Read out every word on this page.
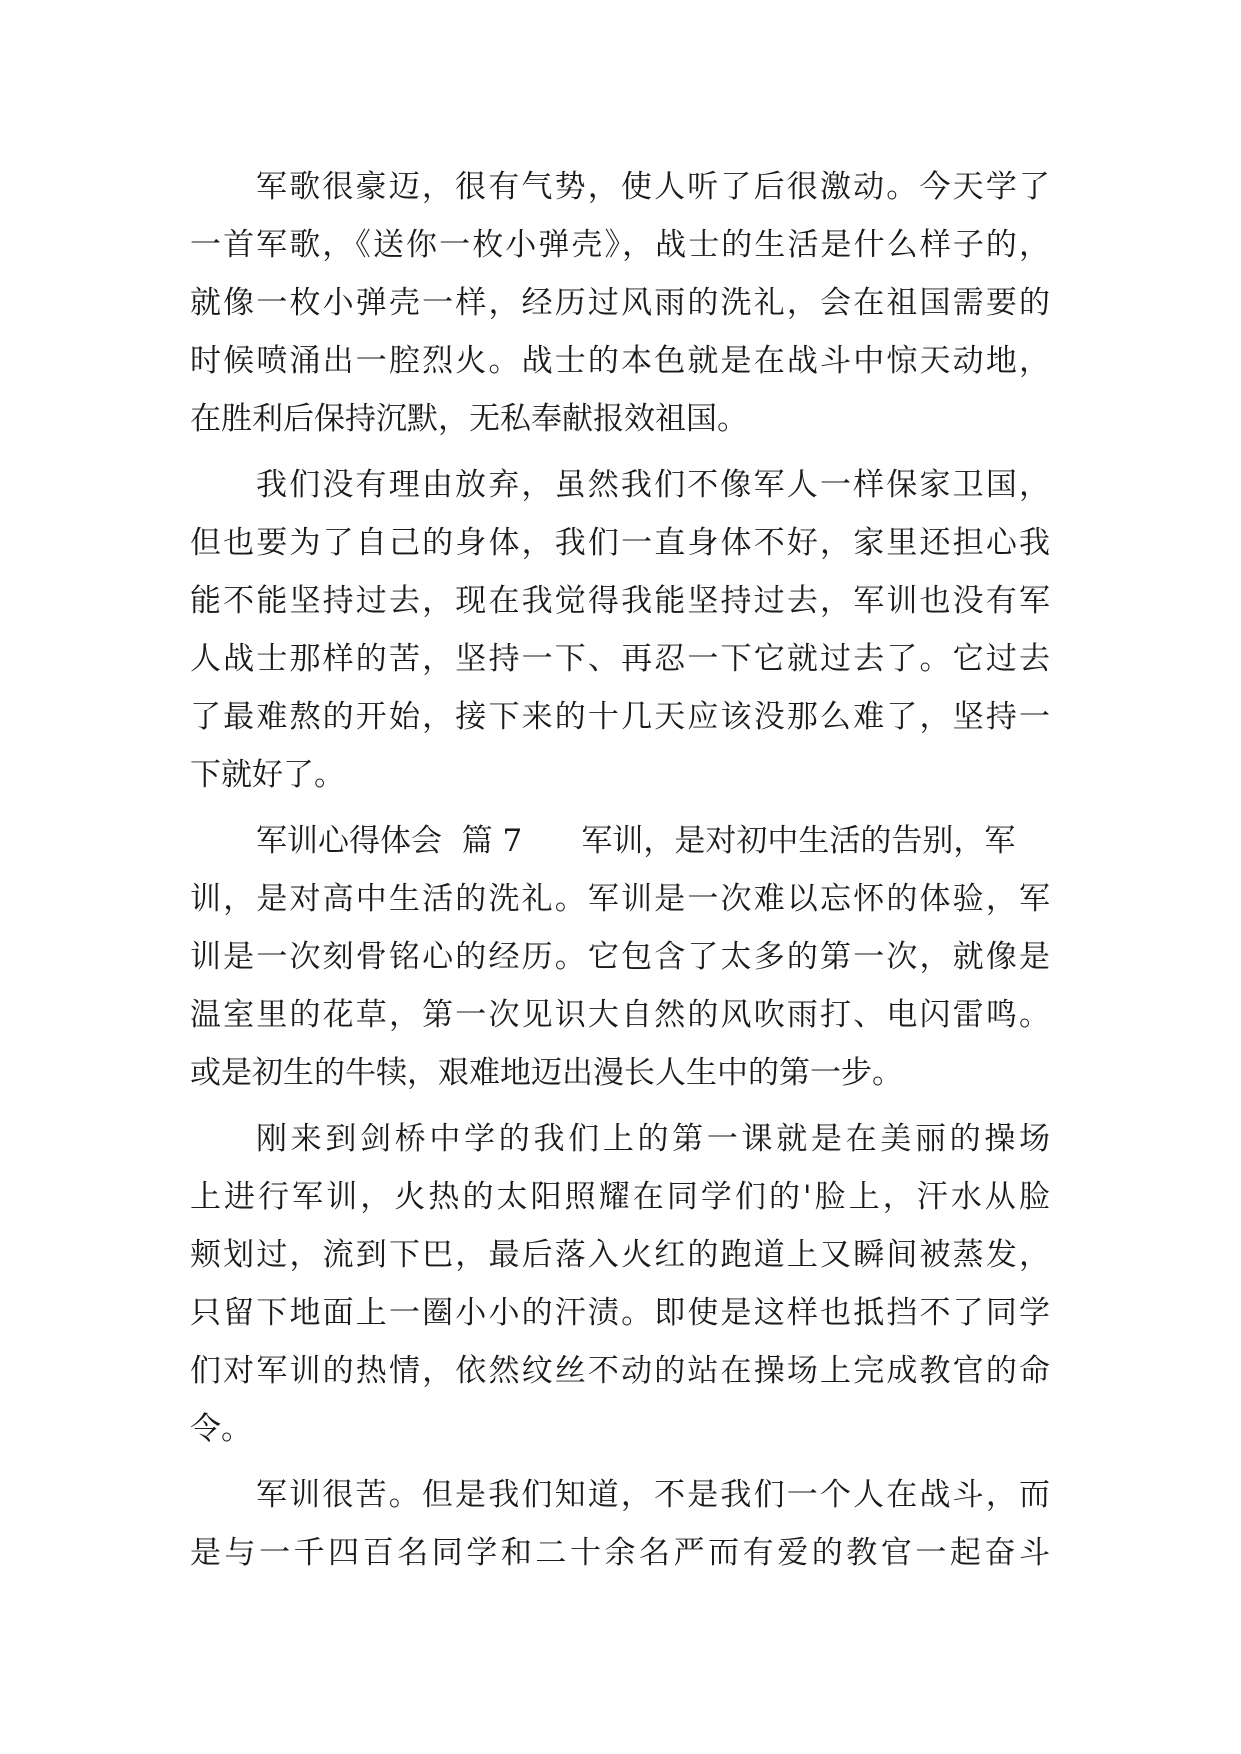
军歌很豪迈，很有气势，使人听了后很激动。今天学了
一首军歌，《送你一枚小弹壳》，战士的生活是什么样子的，
就像一枚小弹壳一样，经历过风雨的洗礼，会在祖国需要的
时候喷涌出一腔烈火。战士的本色就是在战斗中惊天动地，
在胜利后保持沉默，无私奉献报效祖国。
我们没有理由放弃，虽然我们不像军人一样保家卫国，
但也要为了自己的身体，我们一直身体不好，家里还担心我
能不能坚持过去，现在我觉得我能坚持过去，军训也没有军
人战士那样的苦，坚持一下、再忍一下它就过去了。它过去
了最难熬的开始，接下来的十几天应该没那么难了，坚持一
下就好了。
军训心得体会  篇 7      军训，是对初中生活的告别，军
训，是对高中生活的洗礼。军训是一次难以忘怀的体验，军
训是一次刻骨铭心的经历。它包含了太多的第一次，就像是
温室里的花草，第一次见识大自然的风吹雨打、电闪雷鸣。
或是初生的牛犊，艰难地迈出漫长人生中的第一步。
刚来到剑桥中学的我们上的第一课就是在美丽的操场
上进行军训，火热的太阳照耀在同学们的'脸上，汗水从脸
颊划过，流到下巴，最后落入火红的跑道上又瞬间被蒸发，
只留下地面上一圈小小的汗渍。即使是这样也抵挡不了同学
们对军训的热情，依然纹丝不动的站在操场上完成教官的命
令。
军训很苦。但是我们知道，不是我们一个人在战斗，而
是与一千四百名同学和二十余名严而有爱的教官一起奋斗
